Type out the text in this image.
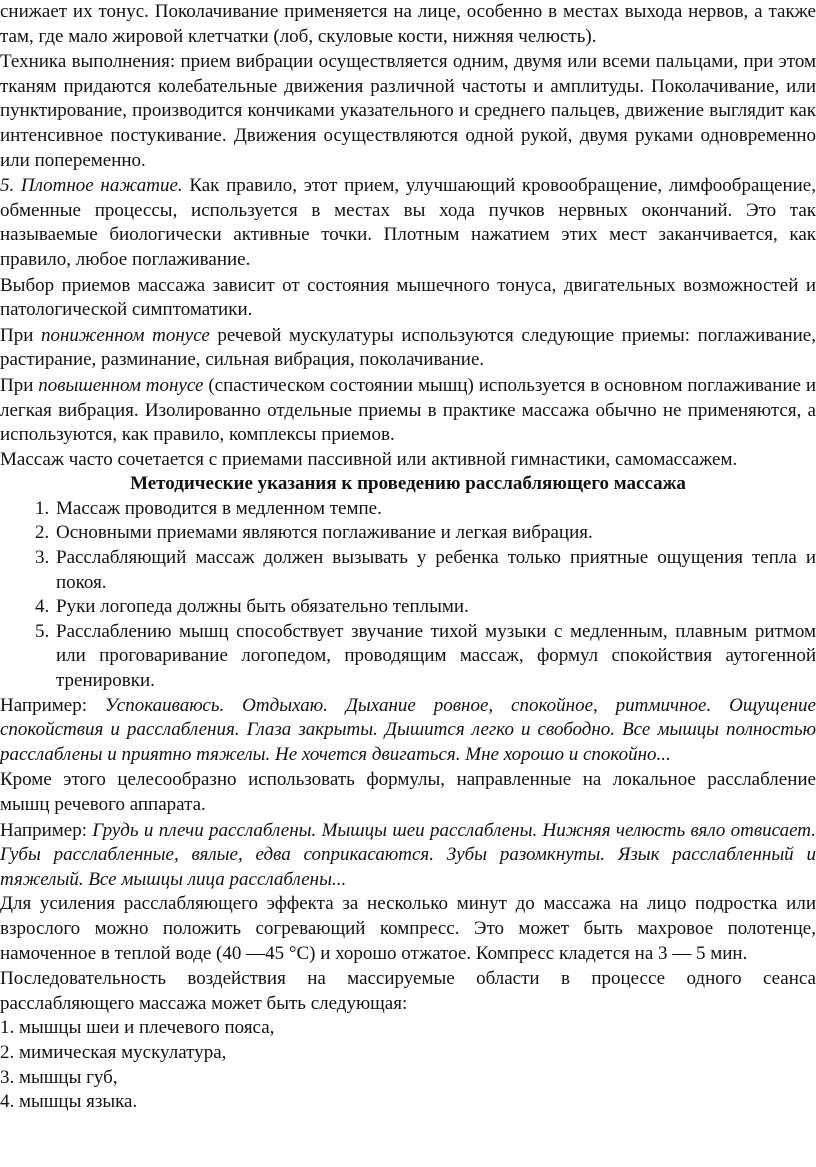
снижает их тонус. Поколачивание применяется на лице, особенно в местах выхода нервов, а также там, где мало жировой клетчатки (лоб, скуловые кости, нижняя челюсть).

Техника выполнения: прием вибрации осуществляется одним, двумя или всеми пальцами, при этом тканям придаются колебательные движения различной частоты и амплитуды. Поколачивание, или пунктирование, производится кончиками указательного и среднего пальцев, движение выглядит как интенсивное постукивание. Движения осуществляются одной рукой, двумя руками одновременно или попеременно.

5. Плотное нажатие. Как правило, этот прием, улучшающий кровообращение, лимфообращение, обменные процессы, используется в местах вы хода пучков нервных окончаний. Это так называемые биологически активные точки. Плотным нажатием этих мест заканчивается, как правило, любое поглаживание.

Выбор приемов массажа зависит от состояния мышечного тонуса, двигательных возможностей и патологической симптоматики.

При пониженном тонусе речевой мускулатуры используются следующие приемы: поглаживание, растирание, разминание, сильная вибрация, поколачивание.

При повышенном тонусе (спастическом состоянии мышц) используется в основном поглаживание и легкая вибрация. Изолированно отдельные приемы в практике массажа обычно не применяются, а используются, как правило, комплексы приемов.

Массаж часто сочетается с приемами пассивной или активной гимнастики, самомассажем.

Методические указания к проведению расслабляющего массажа

1. Массаж проводится в медленном темпе.
2. Основными приемами являются поглаживание и легкая вибрация.
3. Расслабляющий массаж должен вызывать у ребенка только приятные ощущения тепла и покоя.
4. Руки логопеда должны быть обязательно теплыми.
5. Расслаблению мышц способствует звучание тихой музыки с медленным, плавным ритмом или проговаривание логопедом, проводящим массаж, формул спокойствия аутогенной тренировки.

Например: Успокаиваюсь. Отдыхаю. Дыхание ровное, спокойное, ритмичное. Ощущение спокойствия и расслабления. Глаза закрыты. Дышится легко и свободно. Все мышцы полностью расслаблены и приятно тяжелы. Не хочется двигаться. Мне хорошо и спокойно...

Кроме этого целесообразно использовать формулы, направленные на локальное расслабление мышц речевого аппарата.

Например: Грудь и плечи расслаблены. Мышцы шеи расслаблены. Нижняя челюсть вяло отвисает. Губы расслабленные, вялые, едва соприкасаются. Зубы разомкнуты. Язык расслабленный и тяжелый. Все мышцы лица расслаблены...

Для усиления расслабляющего эффекта за несколько минут до массажа на лицо подростка или взрослого можно положить согревающий компресс. Это может быть махровое полотенце, намоченное в теплой воде (40 —45 °С) и хорошо отжатое. Компресс кладется на 3 — 5 мин.

Последовательность воздействия на массируемые области в процессе одного сеанса расслабляющего массажа может быть следующая:

1. мышцы шеи и плечевого пояса,

2. мимическая мускулатура,

3. мышцы губ,

4. мышцы языка.
